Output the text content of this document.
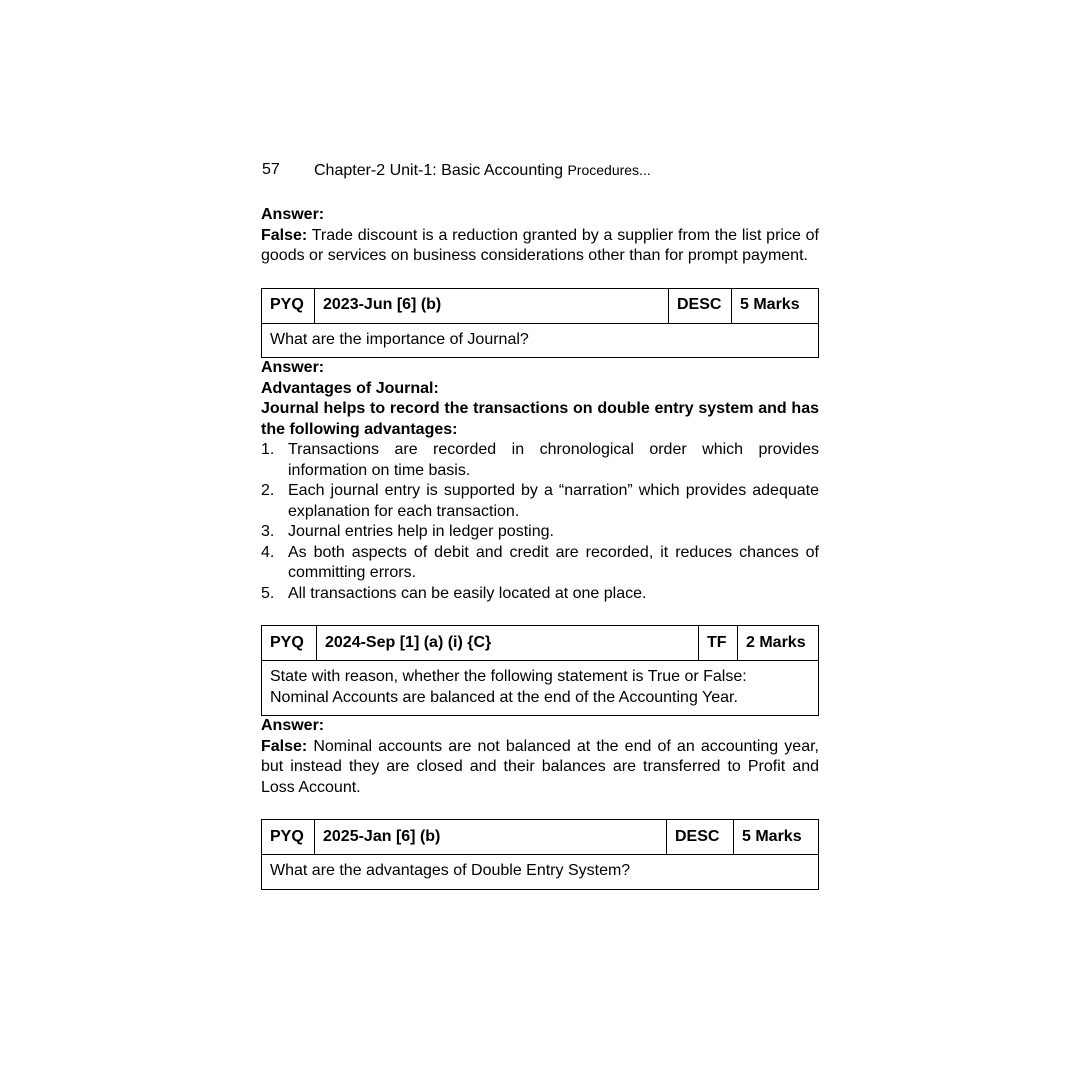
57	Chapter-2 Unit-1: Basic Accounting Procedures...

Answer:

False: Trade discount is a reduction granted by a supplier from the list price of goods or services on business considerations other than for prompt payment.

PYQ	2023-Jun [6] (b)	DESC	5 Marks
What are the importance of Journal?

Answer:

Advantages of Journal:

Journal helps to record the transactions on double entry system and has the following advantages:

1. Transactions are recorded in chronological order which provides information on time basis.
2. Each journal entry is supported by a “narration” which provides adequate explanation for each transaction.
3. Journal entries help in ledger posting.
4. As both aspects of debit and credit are recorded, it reduces chances of committing errors.
5. All transactions can be easily located at one place.
PYQ	2024-Sep [1] (a) (i) {C}	TF	2 Marks

State with reason, whether the following statement is True or False:
Nominal Accounts are balanced at the end of the Accounting Year.

Answer:

False: Nominal accounts are not balanced at the end of an accounting year, but instead they are closed and their balances are transferred to Profit and Loss Account.

PYQ	2025-Jan [6] (b)	DESC	5 Marks
What are the advantages of Double Entry System?
